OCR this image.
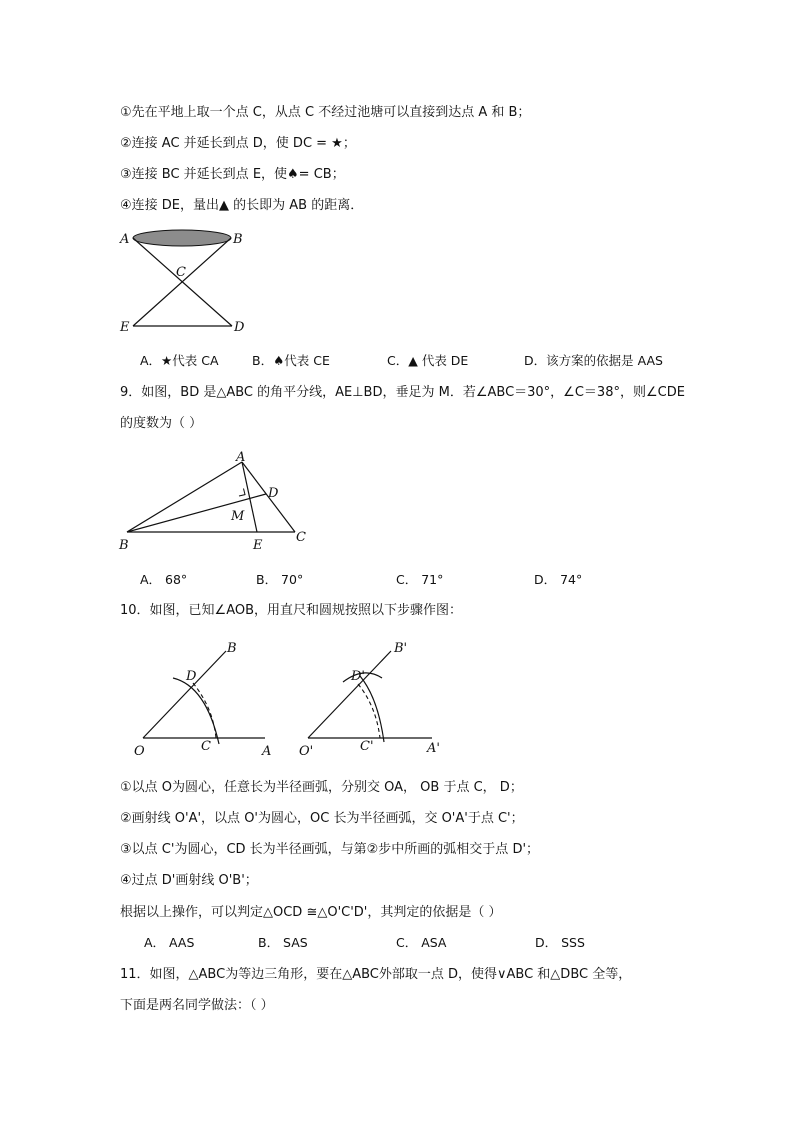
①先在平地上取一个点 C，从点 C 不经过池塘可以直接到达点 A 和 B；
②连接 AC 并延长到点 D，使 DC = ★；
③连接 BC 并延长到点 E，使♠= CB；
④连接 DE，量出▲ 的长即为 AB 的距离．
A	B
C
E	D
A．★代表 CA	B．♠代表 CE	C．▲ 代表 DE	D．该方案的依据是 AAS
9．如图，BD 是△ABC 的角平分线，AE⊥BD，垂足为 M．若∠ABC＝30°，∠C＝38°，则∠CDE
的度数为（ ）
A
D
M
B	E
C
A． 68°	B． 70°	C． 71°	D． 74°
10．如图，已知∠AOB，用直尺和圆规按照以下步骤作图：
B
D
O	C	A
B'
D'
O'	C'	A'
①以点 O为圆心，任意长为半径画弧，分别交 OA， OB 于点 C， D；
②画射线 O'A'，以点 O'为圆心，OC 长为半径画弧，交 O'A'于点 C'；
③以点 C'为圆心，CD 长为半径画弧，与第②步中所画的弧相交于点 D'；
④过点 D'画射线 O'B'；
根据以上操作，可以判定△OCD ≅△O'C'D'，其判定的依据是（ ）
A． AAS	B． SAS	C． ASA	D． SSS
11．如图，△ABC为等边三角形，要在△ABC外部取一点 D，使得∨ABC 和△DBC 全等，
下面是两名同学做法：（ ）
